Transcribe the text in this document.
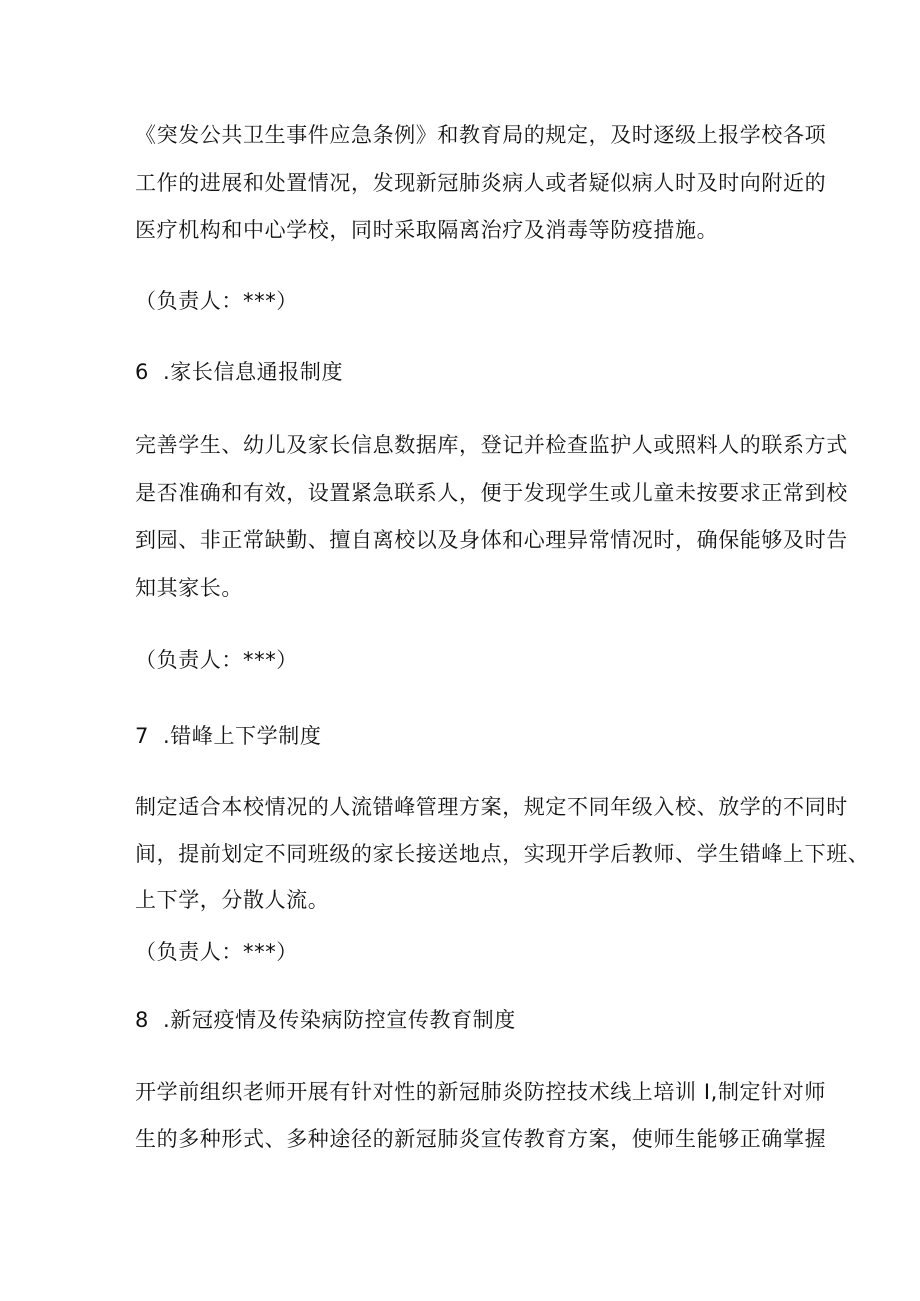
《突发公共卫生事件应急条例》和教育局的规定，及时逐级上报学校各项
工作的进展和处置情况，发现新冠肺炎病人或者疑似病人时及时向附近的
医疗机构和中心学校，同时采取隔离治疗及消毒等防疫措施。
（负责人：***）
6 .家长信息通报制度
完善学生、幼儿及家长信息数据库，登记并检查监护人或照料人的联系方式
是否准确和有效，设置紧急联系人，便于发现学生或儿童未按要求正常到校
到园、非正常缺勤、擅自离校以及身体和心理异常情况时，确保能够及时告
知其家长。
（负责人：***）
7 .错峰上下学制度
制定适合本校情况的人流错峰管理方案，规定不同年级入校、放学的不同时
间，提前划定不同班级的家长接送地点，实现开学后教师、学生错峰上下班、
上下学，分散人流。
（负责人：***）
8 .新冠疫情及传染病防控宣传教育制度
开学前组织老师开展有针对性的新冠肺炎防控技术线上培训 I,制定针对师
生的多种形式、多种途径的新冠肺炎宣传教育方案，使师生能够正确掌握
